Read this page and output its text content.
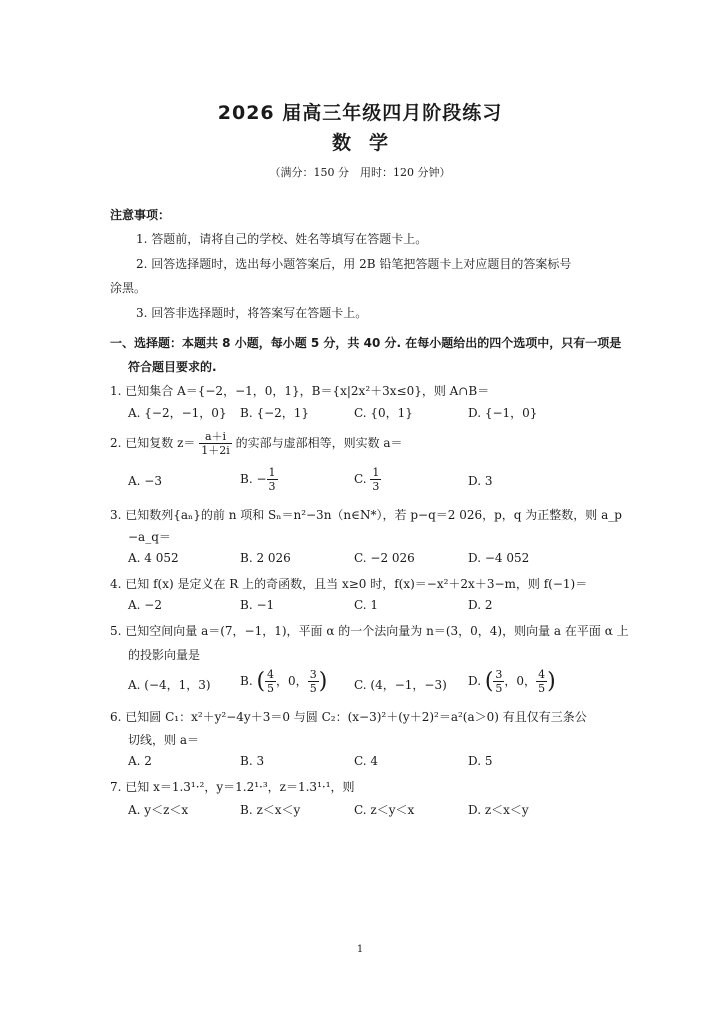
2026 届高三年级四月阶段练习
数学
（满分：150 分　用时：120 分钟）
注意事项：
1. 答题前，请将自己的学校、姓名等填写在答题卡上。
2. 回答选择题时，选出每小题答案后，用 2B 铅笔把答题卡上对应题目的答案标号
涂黑。
3. 回答非选择题时，将答案写在答题卡上。
一、选择题：本题共 8 小题，每小题 5 分，共 40 分. 在每小题给出的四个选项中，只有一项是
符合题目要求的.
1. 已知集合 A＝{−2，−1，0，1}，B＝{x|2x²＋3x≤0}，则 A∩B＝
A. {−2，−1，0} B. {−2，1}	C. {0，1}	D. {−1，0}
2. 已知复数 $z= \frac{a+i}{1+2i}$ 的实部与虚部相等，则实数 a＝
A. −3	B. − $\frac{1}{3}$	C. $\frac{1}{3}$	D. 3
3. 已知数列{aₙ}的前 n 项和 Sₙ＝n²−3n（n∈N*），若 p−q＝2 026，p，q 为正整数，则 a_p
−a_q＝
A. 4 052	B. 2 026	C. −2 026	D. −4 052
4. 已知 f(x) 是定义在 R 上的奇函数，且当 x≥0 时，f(x)＝−x²＋2x＋3−m，则 f(−1)＝
A. −2	B. −1	C. 1	D. 2
5. 已知空间向量 a＝(7，−1，1)，平面 α 的一个法向量为 n＝(3，0，4)，则向量 a 在平面 α 上
的投影向量是
A. (−4，1，3) B. ( $\frac{4}{5}$ ，0， $\frac{3}{5}$ ) C. (4，−1，−3) D. ( $\frac{3}{5}$ ，0， $\frac{4}{5}$ )
6. 已知圆 C₁：x²＋y²−4y＋3＝0 与圆 C₂：(x−3)²＋(y＋2)²＝a²(a＞0) 有且仅有三条公
切线，则 a＝
A. 2	B. 3	C. 4	D. 5
7. 已知 x＝1.3¹·²，y＝1.2¹·³，z＝1.3¹·¹，则
A. y＜z＜x	B. z＜x＜y	C. z＜y＜x	D. z＜x＜y
1
